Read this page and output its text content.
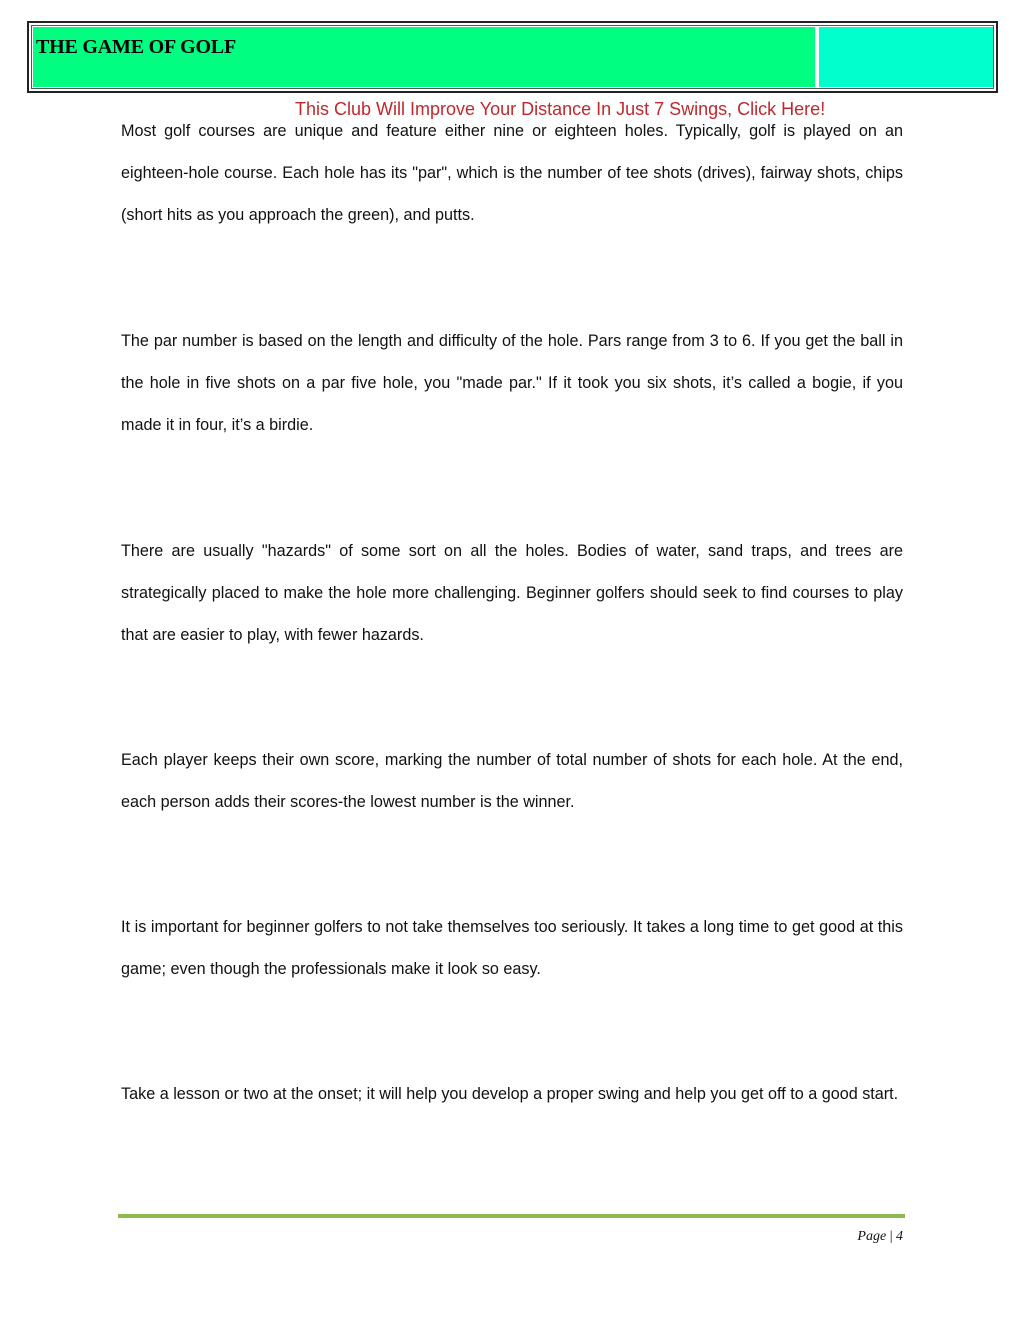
THE GAME OF GOLF
This Club Will Improve Your Distance In Just 7 Swings, Click Here!

Most golf courses are unique and feature either nine or eighteen holes. Typically, golf is played on an eighteen-hole course. Each hole has its "par", which is the number of tee shots (drives), fairway shots, chips (short hits as you approach the green), and putts.

The par number is based on the length and difficulty of the hole. Pars range from 3 to 6. If you get the ball in the hole in five shots on a par five hole, you "made par." If it took you six shots, it’s called a bogie, if you made it in four, it’s a birdie.

There are usually "hazards" of some sort on all the holes. Bodies of water, sand traps, and trees are strategically placed to make the hole more challenging. Beginner golfers should seek to find courses to play that are easier to play, with fewer hazards.

Each player keeps their own score, marking the number of total number of shots for each hole. At the end, each person adds their scores-the lowest number is the winner.

It is important for beginner golfers to not take themselves too seriously. It takes a long time to get good at this game; even though the professionals make it look so easy.

Take a lesson or two at the onset; it will help you develop a proper swing and help you get off to a good start.

Page | 4
